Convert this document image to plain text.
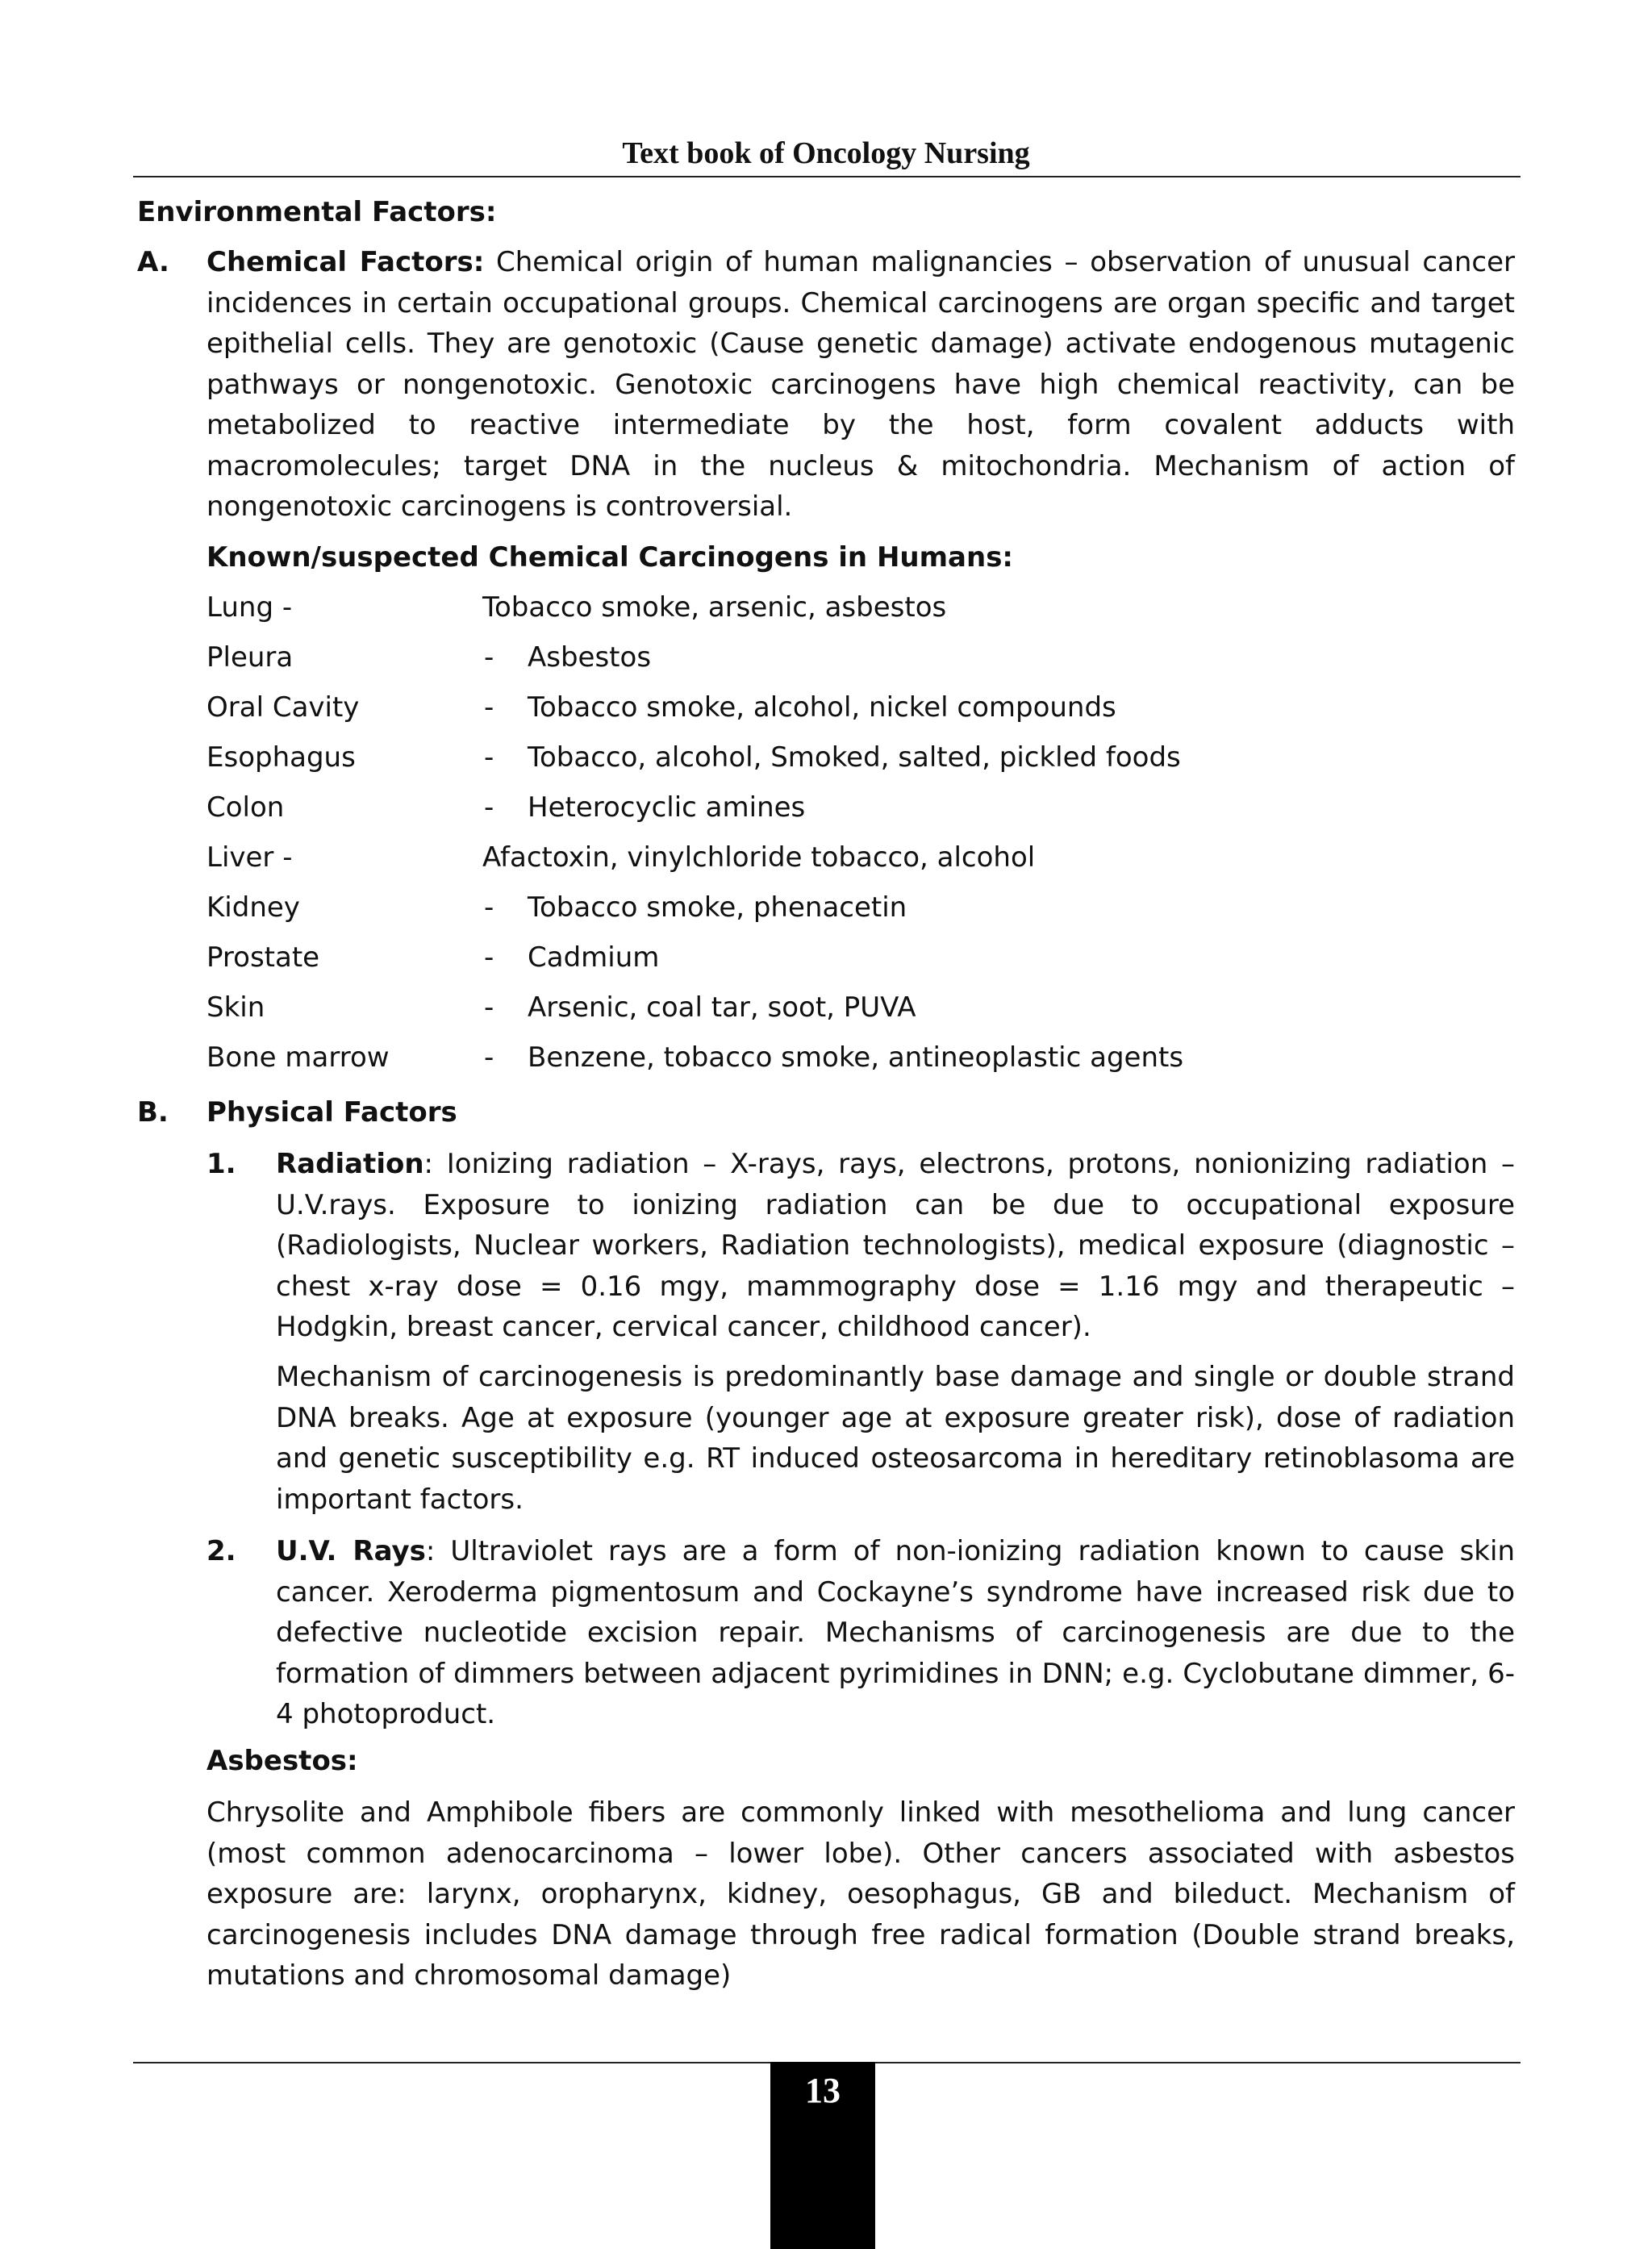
Text book of Oncology Nursing
Environmental Factors:
A. Chemical Factors: Chemical origin of human malignancies – observation of unusual cancer incidences in certain occupational groups. Chemical carcinogens are organ specific and target epithelial cells. They are genotoxic (Cause genetic damage) activate endogenous mutagenic pathways or nongenotoxic. Genotoxic carcinogens have high chemical reactivity, can be metabolized to reactive intermediate by the host, form covalent adducts with macromolecules; target DNA in the nucleus & mitochondria. Mechanism of action of nongenotoxic carcinogens is controversial.
Known/suspected Chemical Carcinogens in Humans:
Lung -	Tobacco smoke, arsenic, asbestos
Pleura	- Asbestos
Oral Cavity	- Tobacco smoke, alcohol, nickel compounds
Esophagus	- Tobacco, alcohol, Smoked, salted, pickled foods
Colon	- Heterocyclic amines
Liver -	Afactoxin, vinylchloride tobacco, alcohol
Kidney	- Tobacco smoke, phenacetin
Prostate	- Cadmium
Skin	- Arsenic, coal tar, soot, PUVA
Bone marrow	- Benzene, tobacco smoke, antineoplastic agents
B. Physical Factors
1. Radiation: Ionizing radiation – X-rays, rays, electrons, protons, nonionizing radiation – U.V.rays. Exposure to ionizing radiation can be due to occupational exposure (Radiologists, Nuclear workers, Radiation technologists), medical exposure (diagnostic – chest x-ray dose = 0.16 mgy, mammography dose = 1.16 mgy and therapeutic – Hodgkin, breast cancer, cervical cancer, childhood cancer).
Mechanism of carcinogenesis is predominantly base damage and single or double strand DNA breaks. Age at exposure (younger age at exposure greater risk), dose of radiation and genetic susceptibility e.g. RT induced osteosarcoma in hereditary retinoblasoma are important factors.
2. U.V. Rays: Ultraviolet rays are a form of non-ionizing radiation known to cause skin cancer. Xeroderma pigmentosum and Cockayne’s syndrome have increased risk due to defective nucleotide excision repair. Mechanisms of carcinogenesis are due to the formation of dimmers between adjacent pyrimidines in DNN; e.g. Cyclobutane dimmer, 6-4 photoproduct.
Asbestos:
Chrysolite and Amphibole fibers are commonly linked with mesothelioma and lung cancer (most common adenocarcinoma – lower lobe). Other cancers associated with asbestos exposure are: larynx, oropharynx, kidney, oesophagus, GB and bileduct. Mechanism of carcinogenesis includes DNA damage through free radical formation (Double strand breaks, mutations and chromosomal damage)
13
